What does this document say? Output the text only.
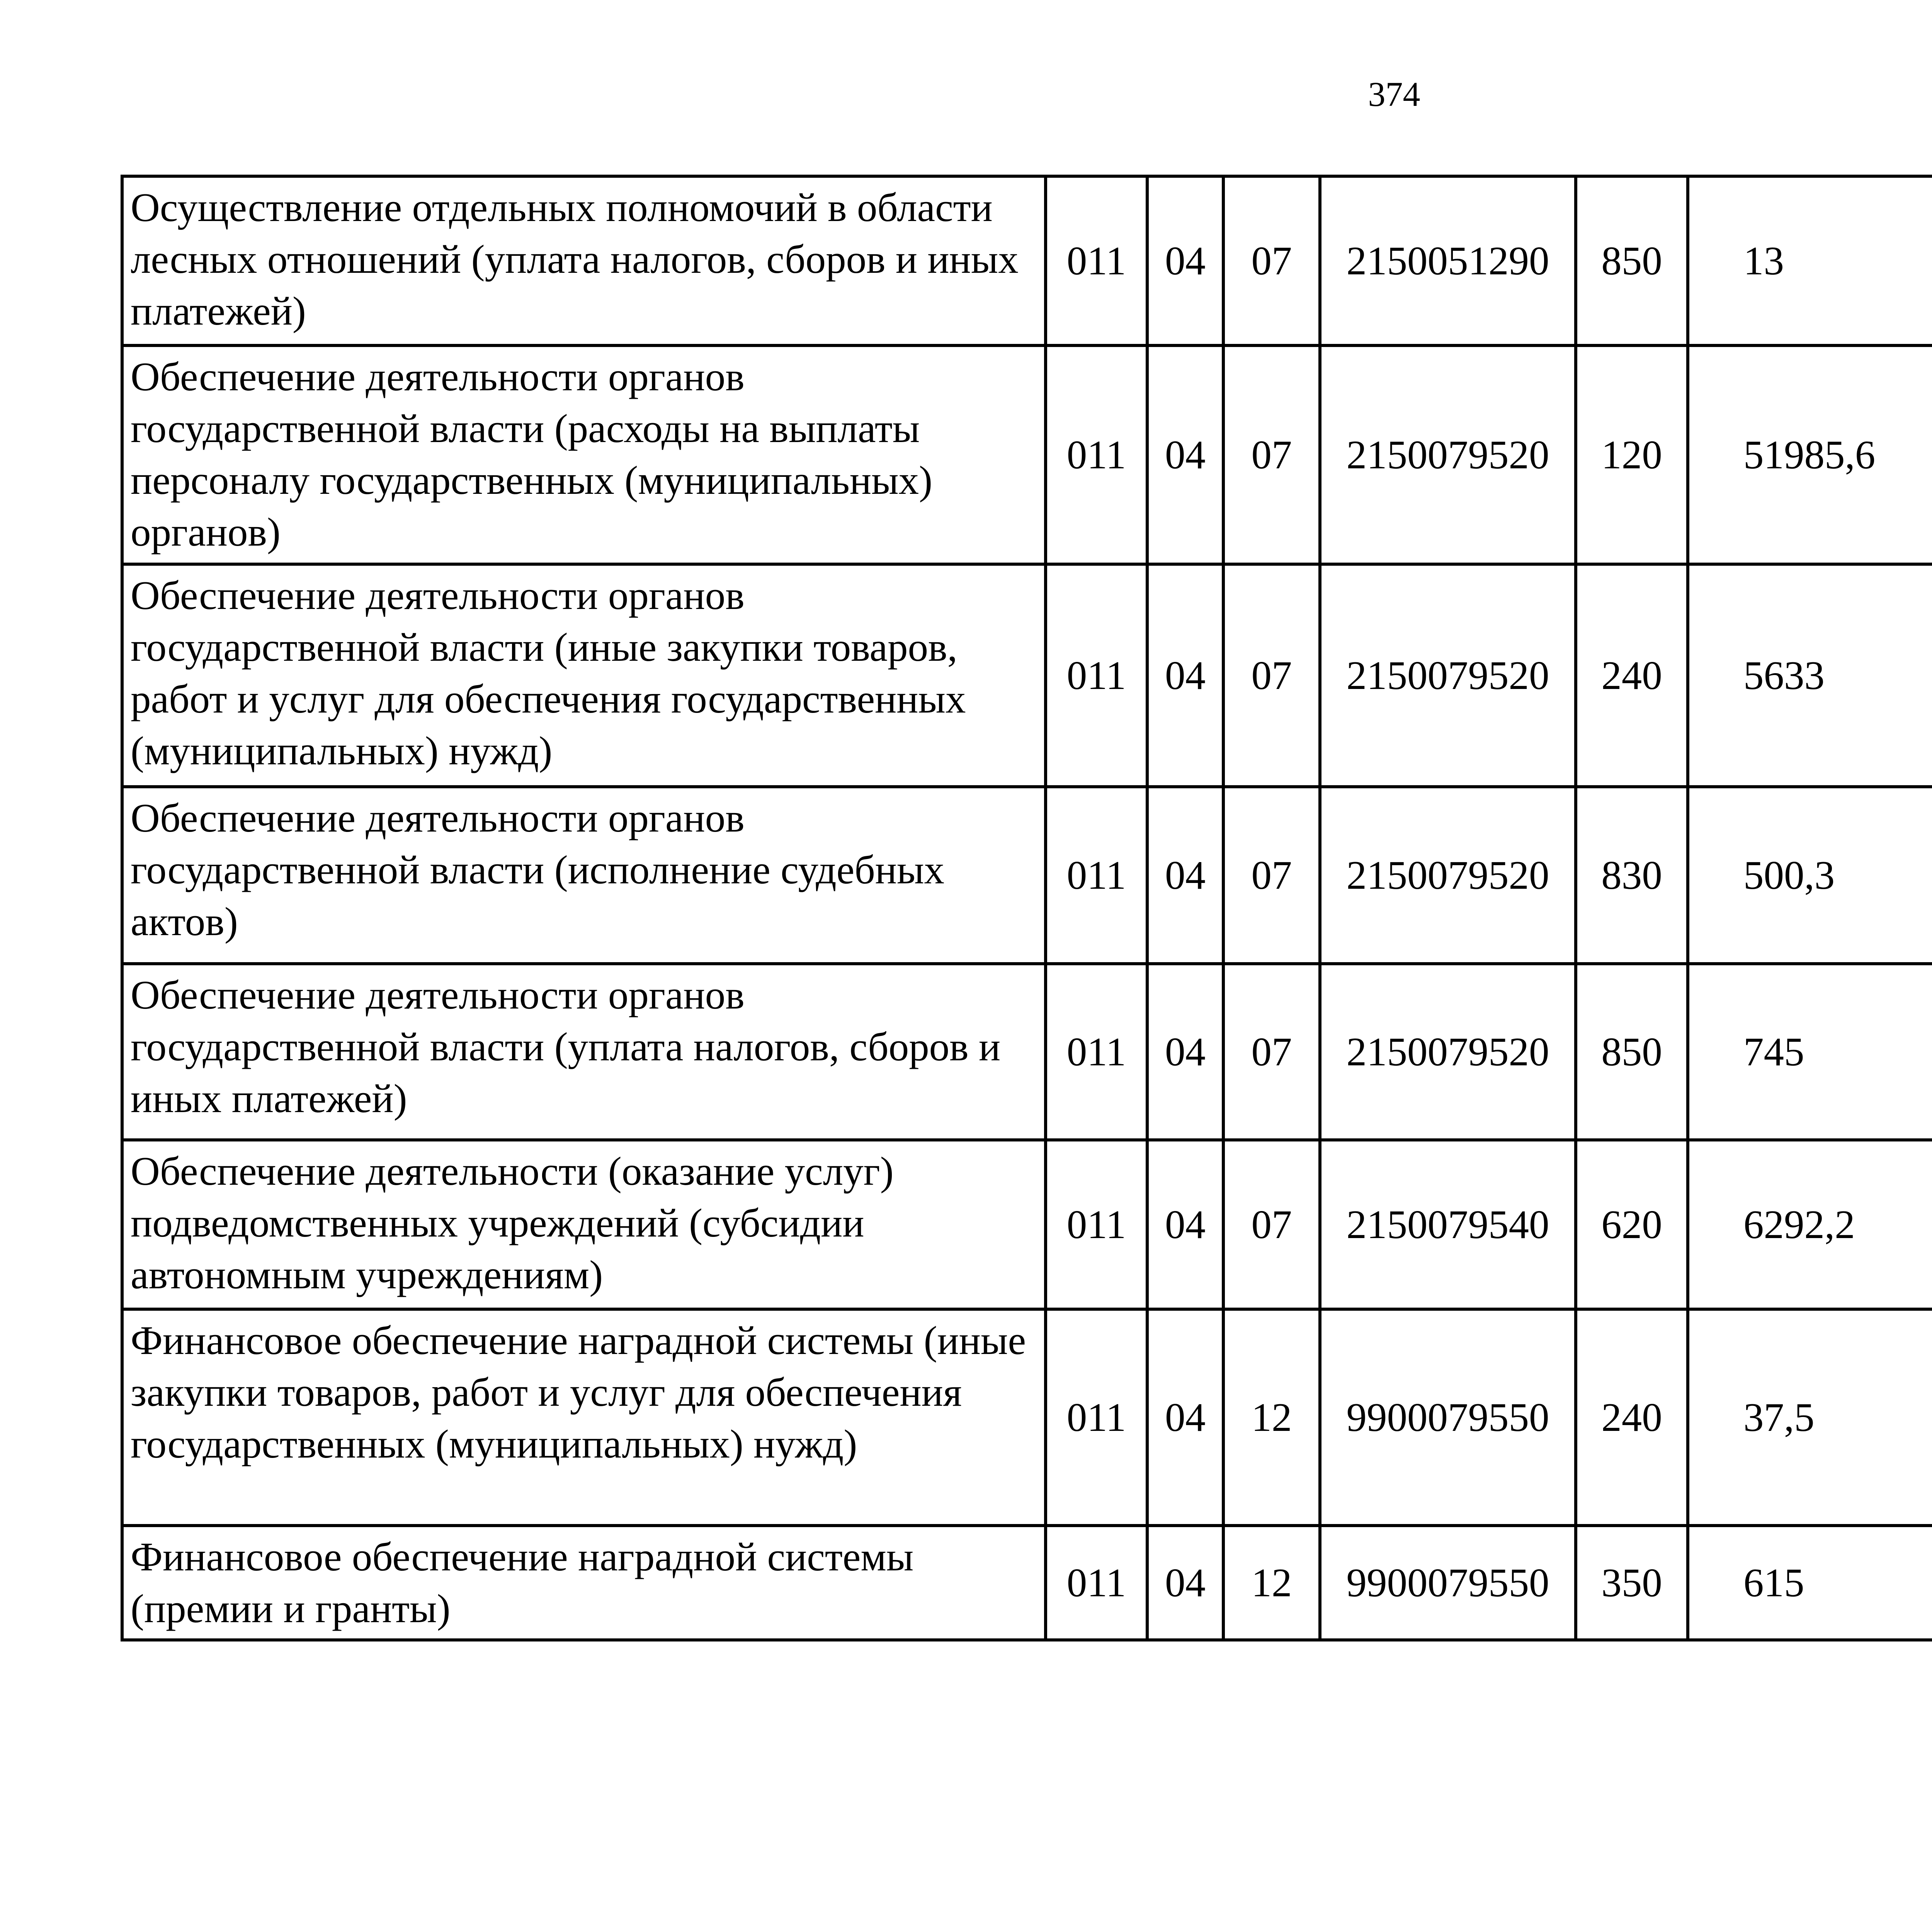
374
Осуществление отдельных полномочий в области лесных отношений (уплата налогов, сборов и иных платежей)	011	04	07	2150051290	850	13		
Обеспечение деятельности органов государственной власти (расходы на выплаты персоналу государственных (муниципальных) органов)	011	04	07	2150079520	120	51985,6		
Обеспечение деятельности органов государственной власти (иные закупки товаров, работ и услуг для обеспечения государственных (муниципальных) нужд)	011	04	07	2150079520	240	5633		
Обеспечение деятельности органов государственной власти (исполнение судебных актов)	011	04	07	2150079520	830	500,3		
Обеспечение деятельности органов государственной власти (уплата налогов, сборов и иных платежей)	011	04	07	2150079520	850	745		
Обеспечение деятельности (оказание услуг) подведомственных учреждений (субсидии автономным учреждениям)	011	04	07	2150079540	620	6292,2		
Финансовое обеспечение наградной системы (иные закупки товаров, работ и услуг для обеспечения государственных (муниципальных) нужд)	011	04	12	9900079550	240	37,5		
Финансовое обеспечение наградной системы (премии и гранты)	011	04	12	9900079550	350	615		
